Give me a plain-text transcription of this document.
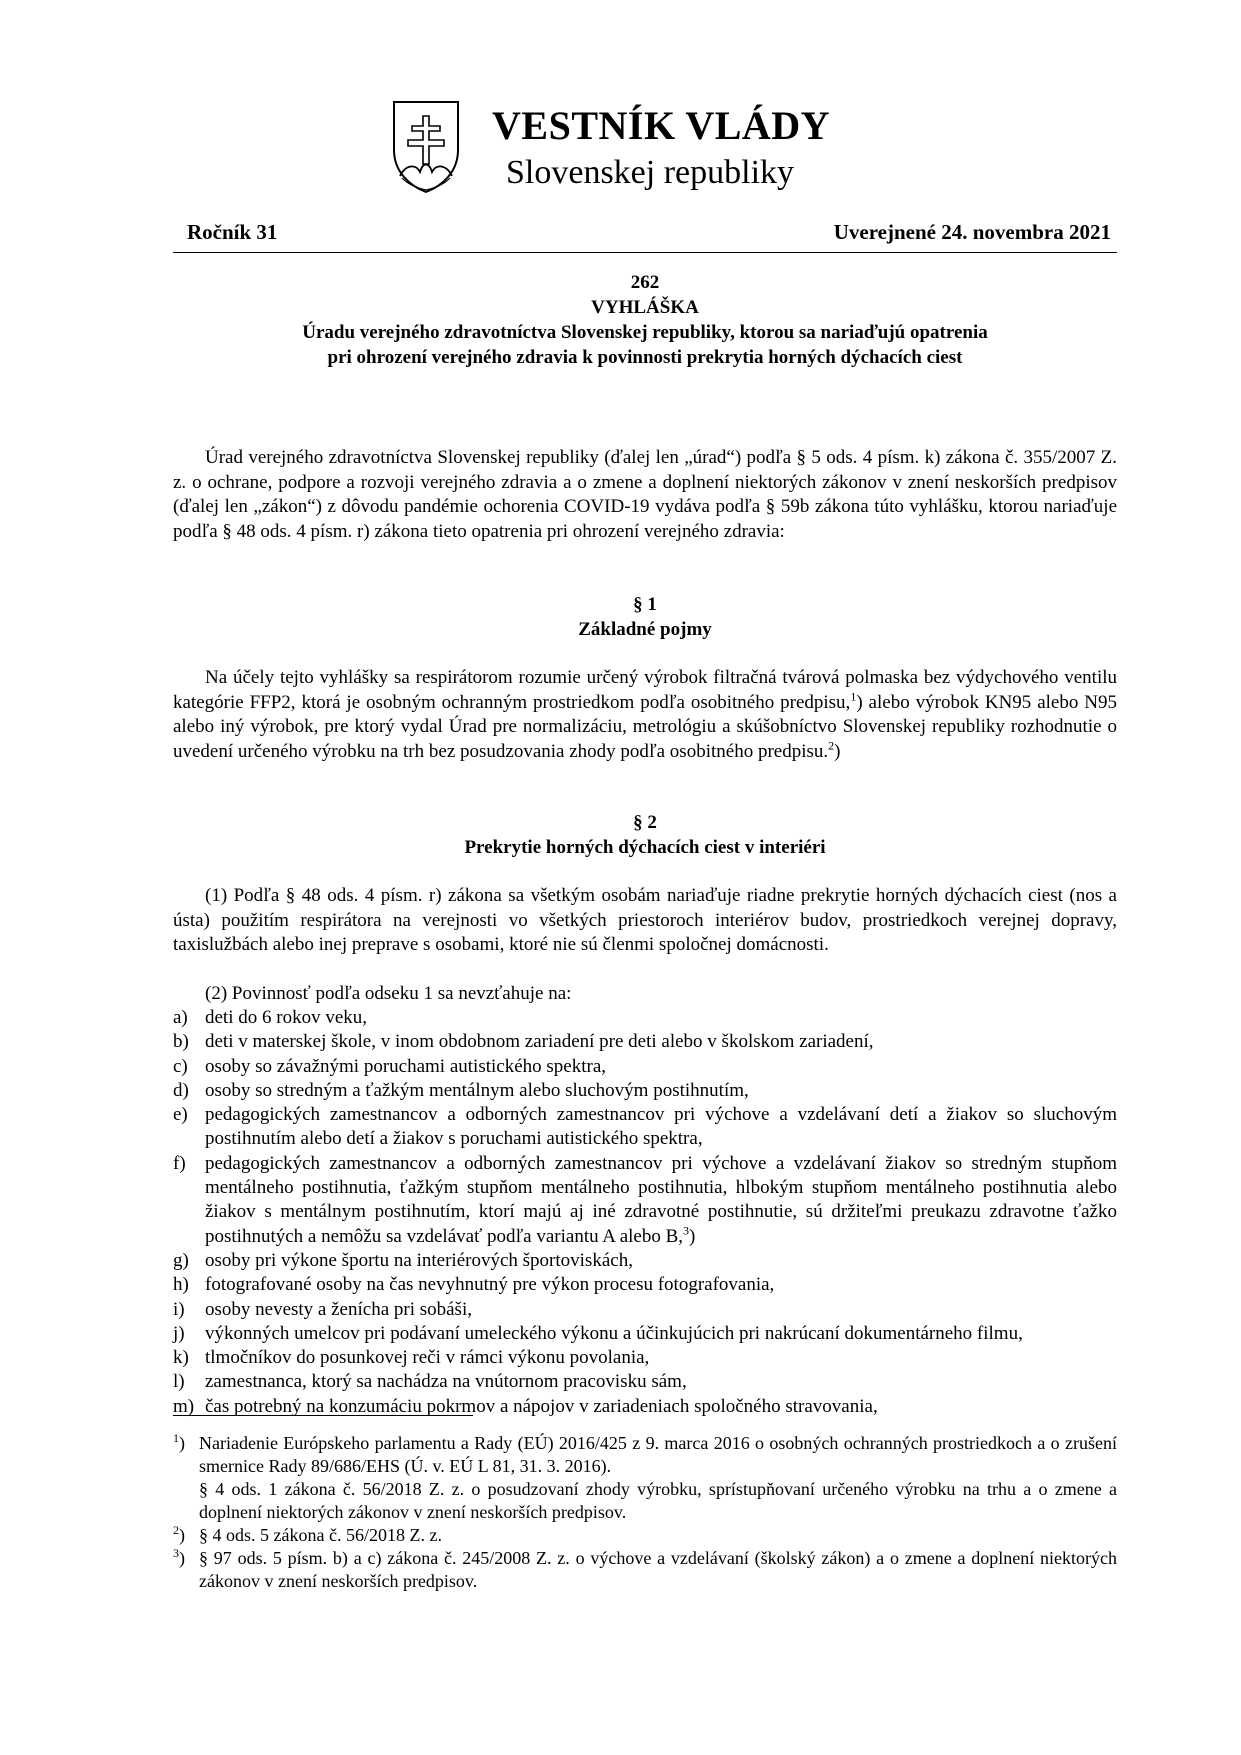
VESTNÍK VLÁDY
Slovenskej republiky
Ročník 31	Uverejnené 24. novembra 2021
262
VYHLÁŠKA
Úradu verejného zdravotníctva Slovenskej republiky, ktorou sa nariaďujú opatrenia
pri ohrození verejného zdravia k povinnosti prekrytia horných dýchacích ciest

Úrad verejného zdravotníctva Slovenskej republiky (ďalej len „úrad“) podľa § 5 ods. 4 písm. k) zákona č. 355/2007 Z. z. o ochrane, podpore a rozvoji verejného zdravia a o zmene a doplnení niektorých zákonov v znení neskorších predpisov (ďalej len „zákon“) z dôvodu pandémie ochorenia COVID-19 vydáva podľa § 59b zákona túto vyhlášku, ktorou nariaďuje podľa § 48 ods. 4 písm. r) zákona tieto opatrenia pri ohrození verejného zdravia:

§ 1
Základné pojmy

Na účely tejto vyhlášky sa respirátorom rozumie určený výrobok filtračná tvárová polmaska bez výdychového ventilu kategórie FFP2, ktorá je osobným ochranným prostriedkom podľa osobitného predpisu,$^1$) alebo výrobok KN95 alebo N95 alebo iný výrobok, pre ktorý vydal Úrad pre normalizáciu, metrológiu a skúšobníctvo Slovenskej republiky rozhodnutie o uvedení určeného výrobku na trh bez posudzovania zhody podľa osobitného predpisu.$^2$)

§ 2
Prekrytie horných dýchacích ciest v interiéri

(1) Podľa § 48 ods. 4 písm. r) zákona sa všetkým osobám nariaďuje riadne prekrytie horných dýchacích ciest (nos a ústa) použitím respirátora na verejnosti vo všetkých priestoroch interiérov budov, prostriedkoch verejnej dopravy, taxislužbách alebo inej preprave s osobami, ktoré nie sú členmi spoločnej domácnosti.

(2) Povinnosť podľa odseku 1 sa nevzťahuje na:

a) deti do 6 rokov veku,
b) deti v materskej škole, v inom obdobnom zariadení pre deti alebo v školskom zariadení,
c) osoby so závažnými poruchami autistického spektra,
d) osoby so stredným a ťažkým mentálnym alebo sluchovým postihnutím,
e) pedagogických zamestnancov a odborných zamestnancov pri výchove a vzdelávaní detí a žiakov so sluchovým postihnutím alebo detí a žiakov s poruchami autistického spektra,
f) pedagogických zamestnancov a odborných zamestnancov pri výchove a vzdelávaní žiakov so stredným stupňom mentálneho postihnutia, ťažkým stupňom mentálneho postihnutia, hlbokým stupňom mentálneho postihnutia alebo žiakov s mentálnym postihnutím, ktorí majú aj iné zdravotné postihnutie, sú držiteľmi preukazu zdravotne ťažko postihnutých a nemôžu sa vzdelávať podľa variantu A alebo B,$^3$)
g) osoby pri výkone športu na interiérových športoviskách,
h) fotografované osoby na čas nevyhnutný pre výkon procesu fotografovania,
i) osoby nevesty a ženícha pri sobáši,
j) výkonných umelcov pri podávaní umeleckého výkonu a účinkujúcich pri nakrúcaní dokumentárneho filmu,
k) tlmočníkov do posunkovej reči v rámci výkonu povolania,
l) zamestnanca, ktorý sa nachádza na vnútornom pracovisku sám,
m) čas potrebný na konzumáciu pokrmov a nápojov v zariadeniach spoločného stravovania,

$^1$) Nariadenie Európskeho parlamentu a Rady (EÚ) 2016/425 z 9. marca 2016 o osobných ochranných prostriedkoch a o zrušení smernice Rady 89/686/EHS (Ú. v. EÚ L 81, 31. 3. 2016).

§ 4 ods. 1 zákona č. 56/2018 Z. z. o posudzovaní zhody výrobku, sprístupňovaní určeného výrobku na trhu a o zmene a doplnení niektorých zákonov v znení neskorších predpisov.

$^2$) § 4 ods. 5 zákona č. 56/2018 Z. z.

$^3$) § 97 ods. 5 písm. b) a c) zákona č. 245/2008 Z. z. o výchove a vzdelávaní (školský zákon) a o zmene a doplnení niektorých zákonov v znení neskorších predpisov.
